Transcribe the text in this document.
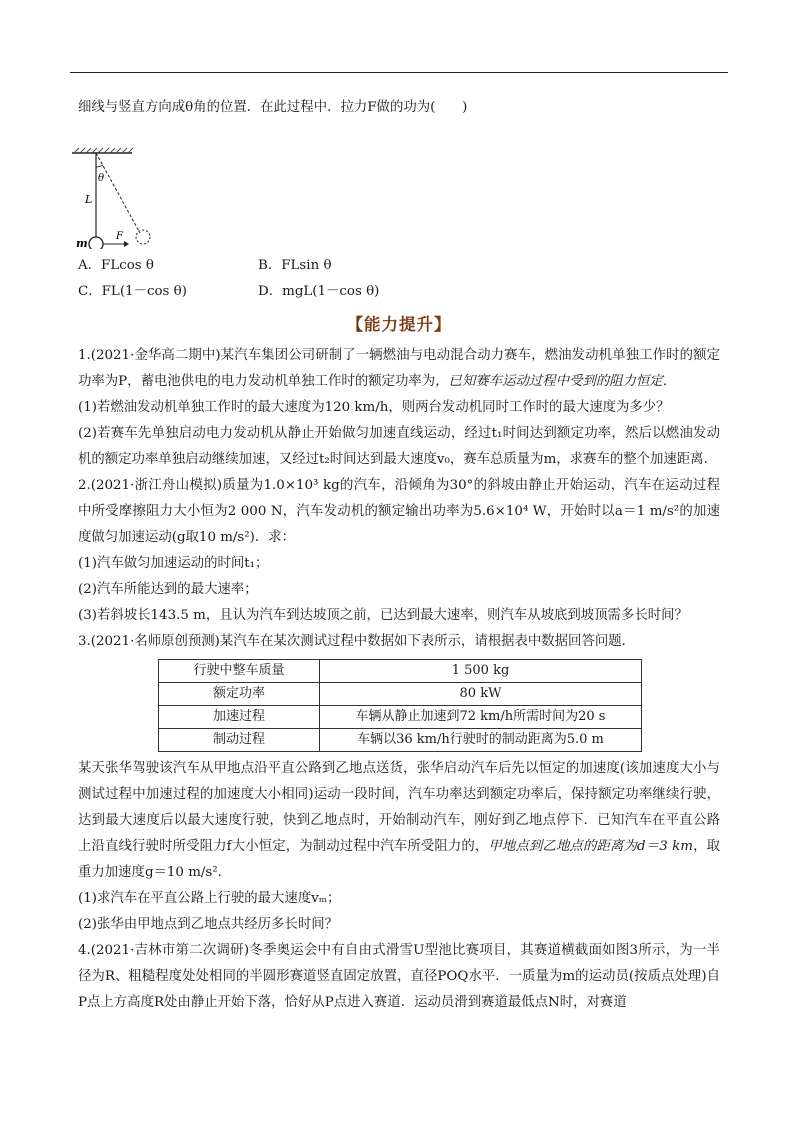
细线与竖直方向成θ角的位置．在此过程中．拉力F做的功为(　　)

θ
L
m
F
A．FLcos θ	B．FLsin θ
C．FL(1－cos θ)	D．mgL(1－cos θ)
【能力提升】

1.(2021·金华高二期中)某汽车集团公司研制了一辆燃油与电动混合动力赛车，燃油发动机单独工作时的额定功率为P，蓄电池供电的电力发动机单独工作时的额定功率为，已知赛车运动过程中受到的阻力恒定．

(1)若燃油发动机单独工作时的最大速度为120 km/h，则两台发动机同时工作时的最大速度为多少？

(2)若赛车先单独启动电力发动机从静止开始做匀加速直线运动，经过t₁时间达到额定功率，然后以燃油发动机的额定功率单独启动继续加速，又经过t₂时间达到最大速度v₀，赛车总质量为m，求赛车的整个加速距离．

2.(2021·浙江舟山模拟)质量为1.0×10³ kg的汽车，沿倾角为30°的斜坡由静止开始运动，汽车在运动过程中所受摩擦阻力大小恒为2 000 N，汽车发动机的额定输出功率为5.6×10⁴ W，开始时以a＝1 m/s²的加速度做匀加速运动(g取10 m/s²)．求：

(1)汽车做匀加速运动的时间t₁；

(2)汽车所能达到的最大速率；

(3)若斜坡长143.5 m，且认为汽车到达坡顶之前，已达到最大速率，则汽车从坡底到坡顶需多长时间？

3.(2021·名师原创预测)某汽车在某次测试过程中数据如下表所示，请根据表中数据回答问题．

行驶中整车质量	1 500 kg
额定功率	80 kW
加速过程	车辆从静止加速到72 km/h所需时间为20 s
制动过程	车辆以36 km/h行驶时的制动距离为5.0 m

某天张华驾驶该汽车从甲地点沿平直公路到乙地点送货，张华启动汽车后先以恒定的加速度(该加速度大小与测试过程中加速过程的加速度大小相同)运动一段时间，汽车功率达到额定功率后，保持额定功率继续行驶，达到最大速度后以最大速度行驶，快到乙地点时，开始制动汽车，刚好到乙地点停下．已知汽车在平直公路上沿直线行驶时所受阻力f大小恒定，为制动过程中汽车所受阻力的，甲地点到乙地点的距离为d＝3 km，取重力加速度g＝10 m/s²．

(1)求汽车在平直公路上行驶的最大速度vₘ；

(2)张华由甲地点到乙地点共经历多长时间？

4.(2021·吉林市第二次调研)冬季奥运会中有自由式滑雪U型池比赛项目，其赛道横截面如图3所示，为一半径为R、粗糙程度处处相同的半圆形赛道竖直固定放置，直径POQ水平．一质量为m的运动员(按质点处理)自P点上方高度R处由静止开始下落，恰好从P点进入赛道．运动员滑到赛道最低点N时，对赛道
